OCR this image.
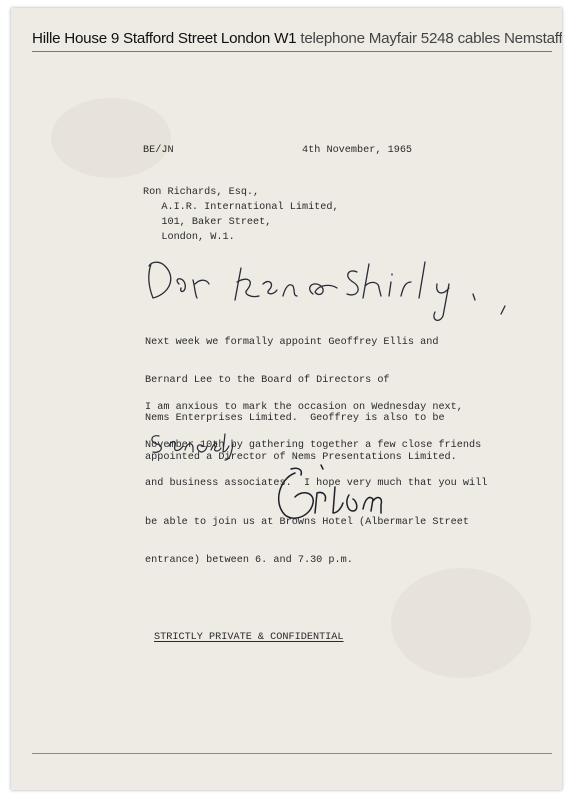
Hille House 9 Stafford Street London W1 telephone Mayfair 5248 cables Nemstaff
BE/JN	4th November, 1965
Ron Richards, Esq.,
A.I.R. International Limited,
101, Baker Street,
London, W.1.

Next week we formally appoint Geoffrey Ellis and

Bernard Lee to the Board of Directors of

Nems Enterprises Limited.  Geoffrey is also to be

appointed a Director of Nems Presentations Limited.

I am anxious to mark the occasion on Wednesday next,

November 10th by gathering together a few close friends

and business associates.  I hope very much that you will

be able to join us at Browns Hotel (Albermarle Street

entrance) between 6. and 7.30 p.m.

STRICTLY PRIVATE & CONFIDENTIAL
